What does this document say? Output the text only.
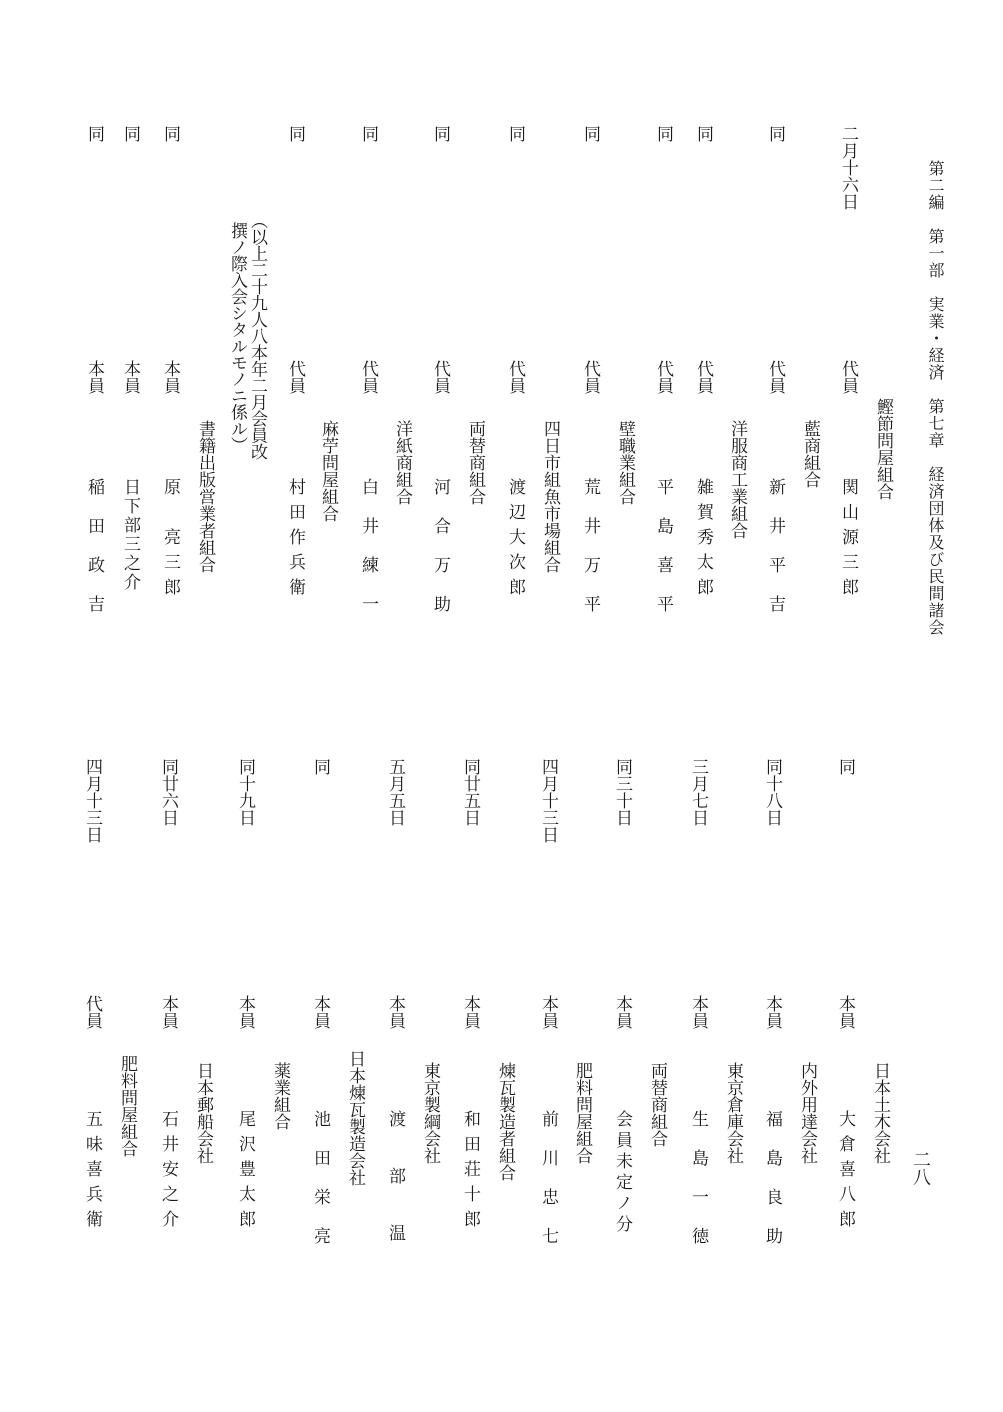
第二編　第一部　実業・経済　第七章　経済団体及び民間諸会
二八
二月十六日
代員
鰹節問屋組合
関山源三郎
同
代員
藍商組合
新井平吉
同
代員
洋服商工業組合
雑賀秀太郎
同
代員
平島喜平
同
代員
壁職業組合
荒井万平
同
代員
四日市組魚市場組合
渡辺大次郎
同
代員
両替商組合
河合万助
同
代員
洋紙商組合
白井練一
同
代員
麻苧問屋組合
村田作兵衛
（以上二十九人八本年二月会員改
撰ノ際入会シタルモノニ係ル）
同
本員
書籍出版営業者組合
原　亮三郎
同
本員
日下部三之介
同
本員
稲田政吉
同
本員
日本土木会社
大倉喜八郎
同十八日
本員
内外用達会社
福島良助
三月七日
本員
東京倉庫会社
生島一徳
同三十日
本員
両替商組合
会員未定ノ分
四月十三日
本員
肥料問屋組合
前川忠七
同廿五日
本員
煉瓦製造者組合
和田荘十郎
五月五日
本員
東京製綱会社
渡部温
同
本員
日本煉瓦製造会社
池田栄亮
同十九日
本員
薬業組合
尾沢豊太郎
同廿六日
本員
日本郵船会社
石井安之介
四月十三日
代員
肥料問屋組合
五味喜兵衛
